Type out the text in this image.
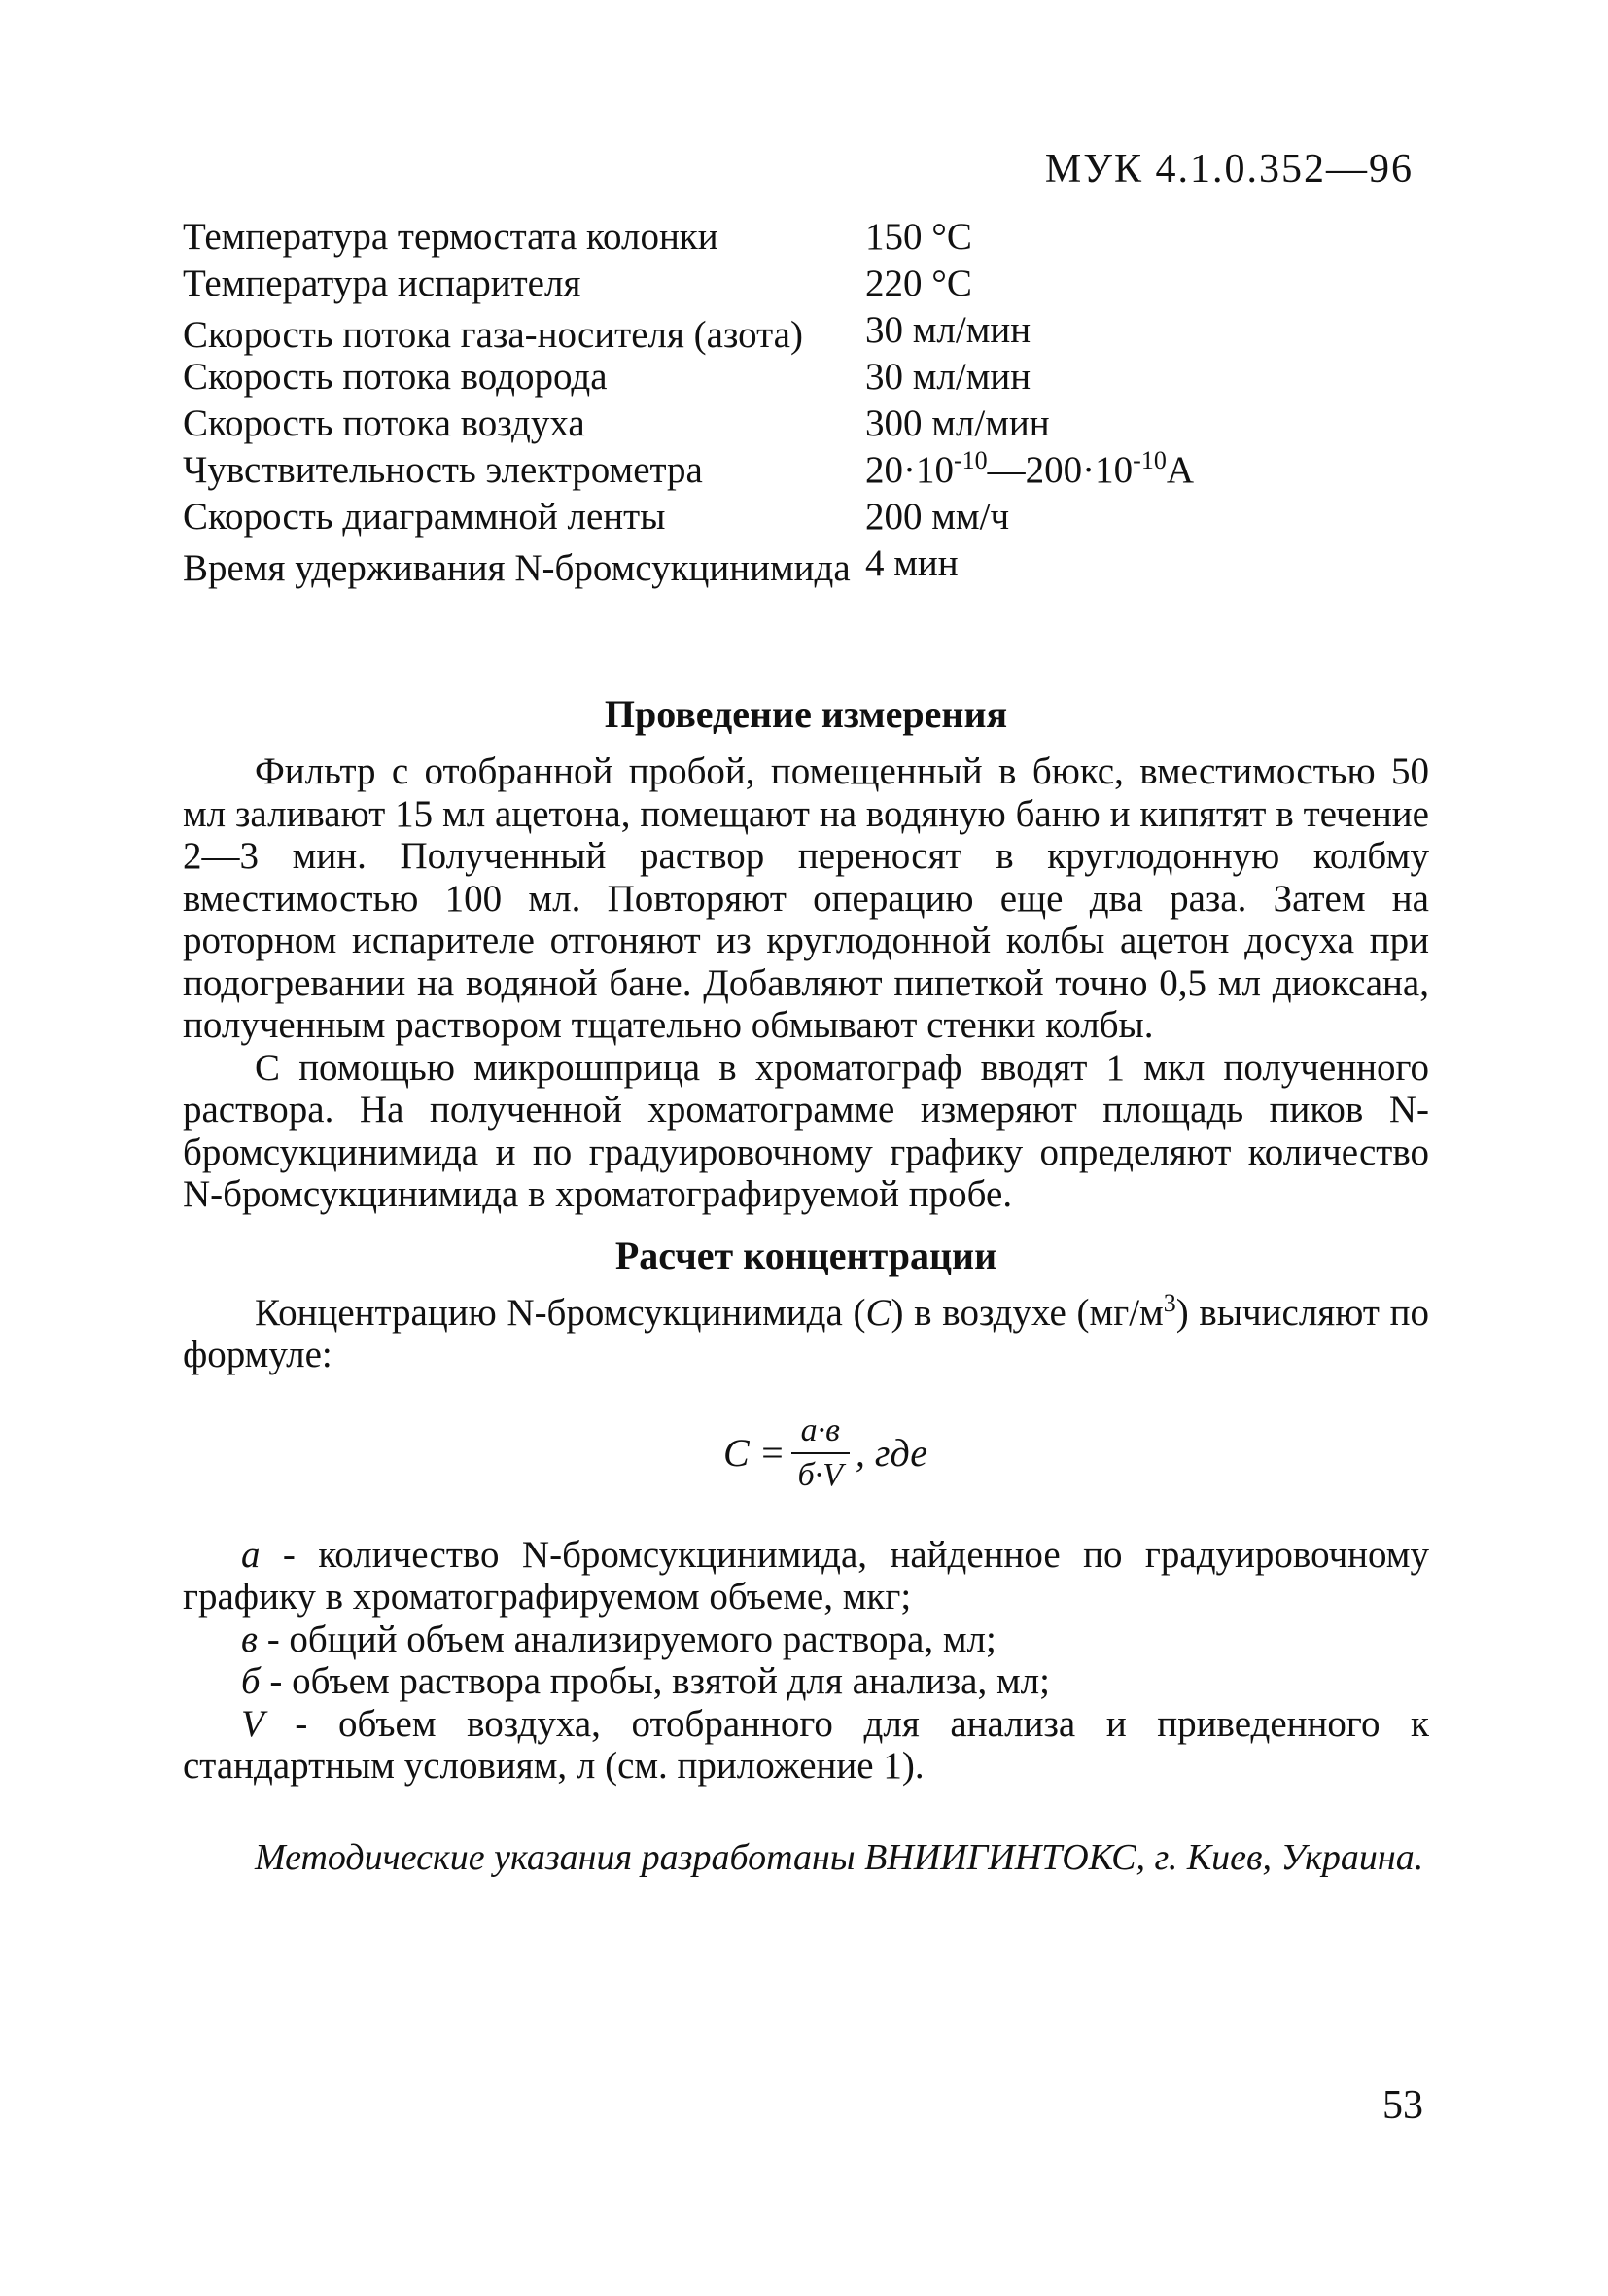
МУК 4.1.0.352—96
Температура термостата колонки	150 °C
Температура испарителя	220 °C
Скорость потока газа-носителя (азота)	30 мл/мин
Скорость потока водорода	30 мл/мин
Скорость потока воздуха	300 мл/мин
Чувствительность электрометра	$20\cdot 10^{-10}—200\cdot 10^{-10}A$
Скорость диаграммной ленты	200 мм/ч
Время удерживания N-бромсукцинимида 4 мин
Проведение измерения

Фильтр с отобранной пробой, помещенный в бюкс, вместимостью 50 мл заливают 15 мл ацетона, помещают на водяную баню и кипятят в течение 2—3 мин. Полученный раствор переносят в круглодонную колбму вместимостью 100 мл. Повторяют операцию еще два раза. Затем на роторном испарителе отгоняют из круглодонной колбы ацетон досуха при подогревании на водяной бане. Добавляют пипеткой точно 0,5 мл диоксана, полученным раствором тщательно обмывают стенки колбы.

С помощью микрошприца в хроматограф вводят 1 мкл полученного раствора. На полученной хроматограмме измеряют площадь пиков N-бромсукцинимида и по градуировочному графику определяют количество N-бромсукцинимида в хроматографируемой пробе.

Расчет концентрации

Концентрацию N-бромсукцинимида (C) в воздухе $(мг/м^3)$ вычисляют по формуле:

$C = \frac{a\cdot в}{б\cdot V}$ , где

a - количество N-бромсукцинимида, найденное по градуировочному графику в хроматографируемом объеме, мкг;

в - общий объем анализируемого раствора, мл;

б - объем раствора пробы, взятой для анализа, мл;

V - объем воздуха, отобранного для анализа и приведенного к стандартным условиям, л (см. приложение 1).

Методические указания разработаны ВНИИГИНТОКС, г. Киев, Украина.

53
